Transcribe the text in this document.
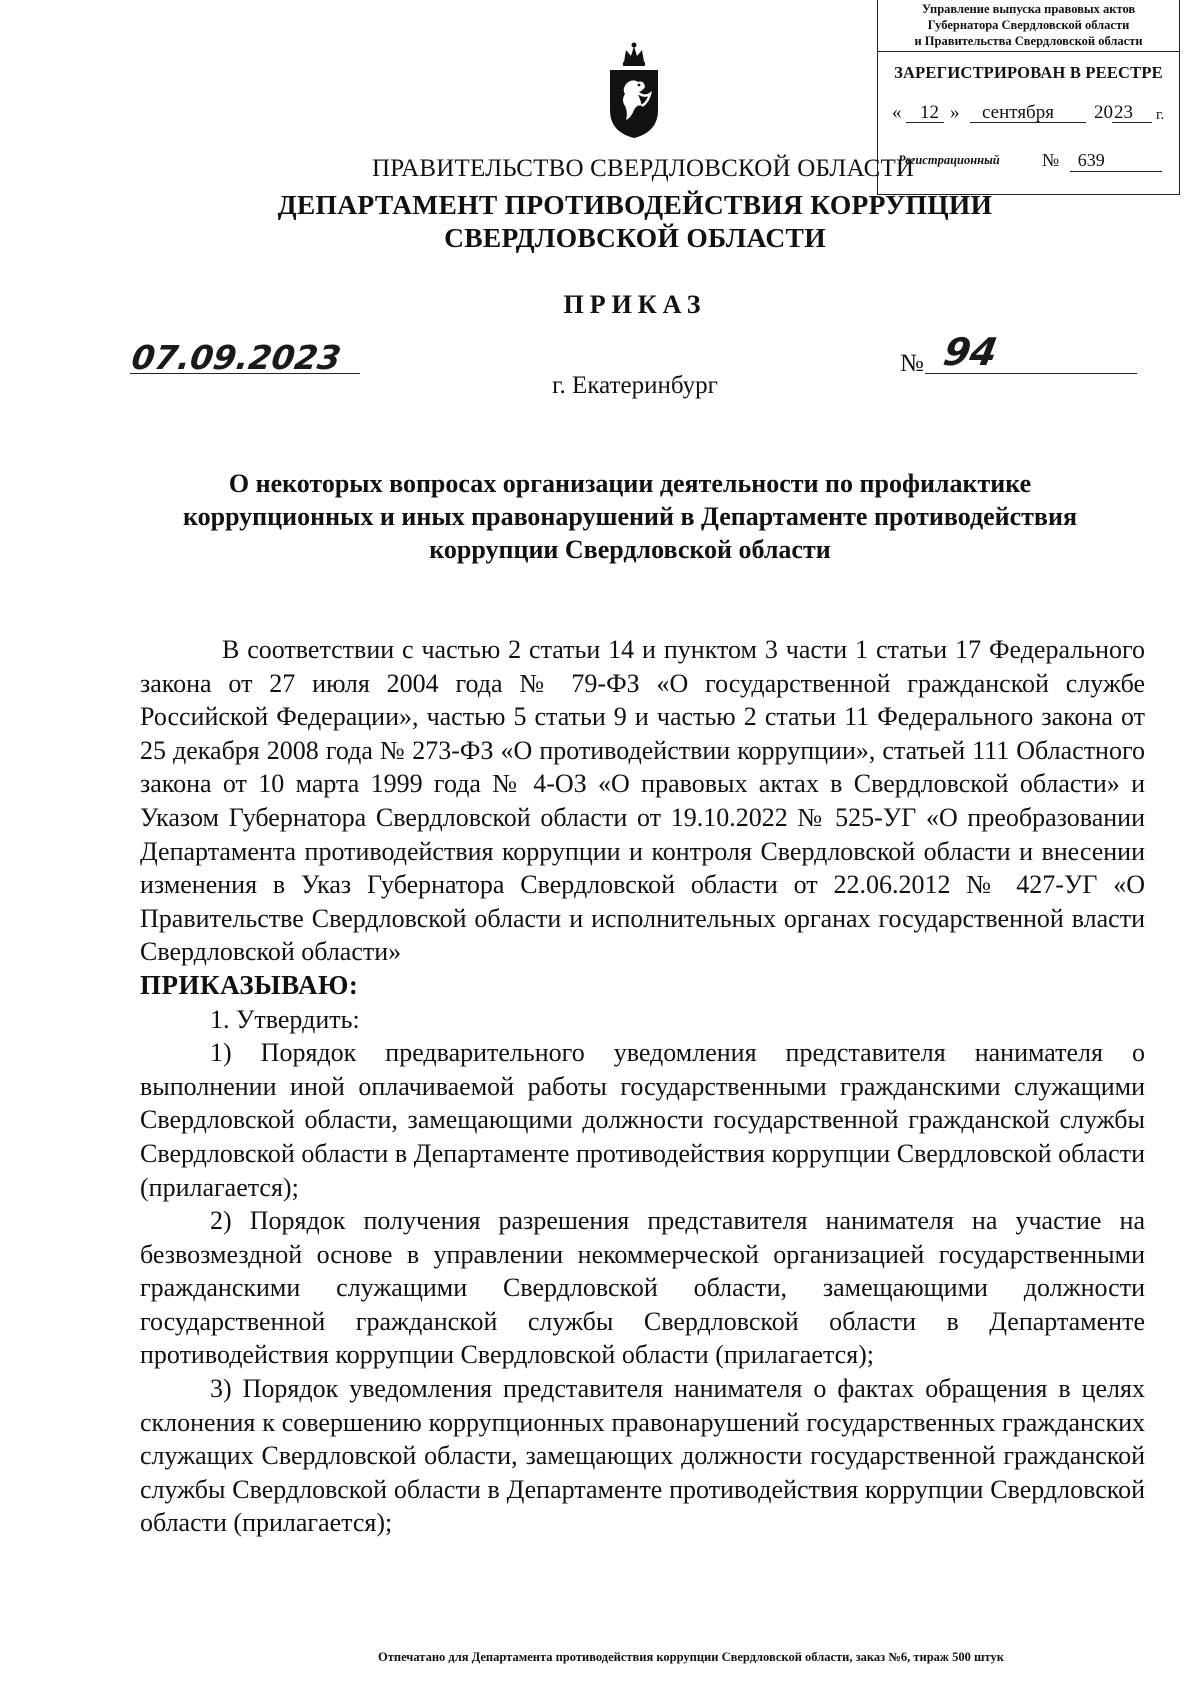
Управление выпуска правовых актов
Губернатора Свердловской области
и Правительства Свердловской области
ЗАРЕГИСТРИРОВАН В РЕЕСТРЕ
« 12 » сентября 20 23 г.
Регистрационный № 639
ПРАВИТЕЛЬСТВО СВЕРДЛОВСКОЙ ОБЛАСТИ
ДЕПАРТАМЕНТ ПРОТИВОДЕЙСТВИЯ КОРРУПЦИИ
СВЕРДЛОВСКОЙ ОБЛАСТИ
ПРИКАЗ
07.09.2023	№ 94
г. Екатеринбург
О некоторых вопросах организации деятельности по профилактике коррупционных и иных правонарушений в Департаменте противодействия коррупции Свердловской области

В соответствии с частью 2 статьи 14 и пунктом 3 части 1 статьи 17 Федерального закона от 27 июля 2004 года № 79-ФЗ «О государственной гражданской службе Российской Федерации», частью 5 статьи 9 и частью 2 статьи 11 Федерального закона от 25 декабря 2008 года № 273-ФЗ «О противодействии коррупции», статьей 111 Областного закона от 10 марта 1999 года № 4-ОЗ «О правовых актах в Свердловской области» и Указом Губернатора Свердловской области от 19.10.2022 № 525-УГ «О преобразовании Департамента противодействия коррупции и контроля Свердловской области и внесении изменения в Указ Губернатора Свердловской области от 22.06.2012 № 427-УГ «О Правительстве Свердловской области и исполнительных органах государственной власти Свердловской области»

ПРИКАЗЫВАЮ:

1. Утвердить:

1) Порядок предварительного уведомления представителя нанимателя о выполнении иной оплачиваемой работы государственными гражданскими служащими Свердловской области, замещающими должности государственной гражданской службы Свердловской области в Департаменте противодействия коррупции Свердловской области (прилагается);

2) Порядок получения разрешения представителя нанимателя на участие на безвозмездной основе в управлении некоммерческой организацией государственными гражданскими служащими Свердловской области, замещающими должности государственной гражданской службы Свердловской области в Департаменте противодействия коррупции Свердловской области (прилагается);

3) Порядок уведомления представителя нанимателя о фактах обращения в целях склонения к совершению коррупционных правонарушений государственных гражданских служащих Свердловской области, замещающих должности государственной гражданской службы Свердловской области в Департаменте противодействия коррупции Свердловской области (прилагается);

Отпечатано для Департамента противодействия коррупции Свердловской области, заказ №6, тираж 500 штук
